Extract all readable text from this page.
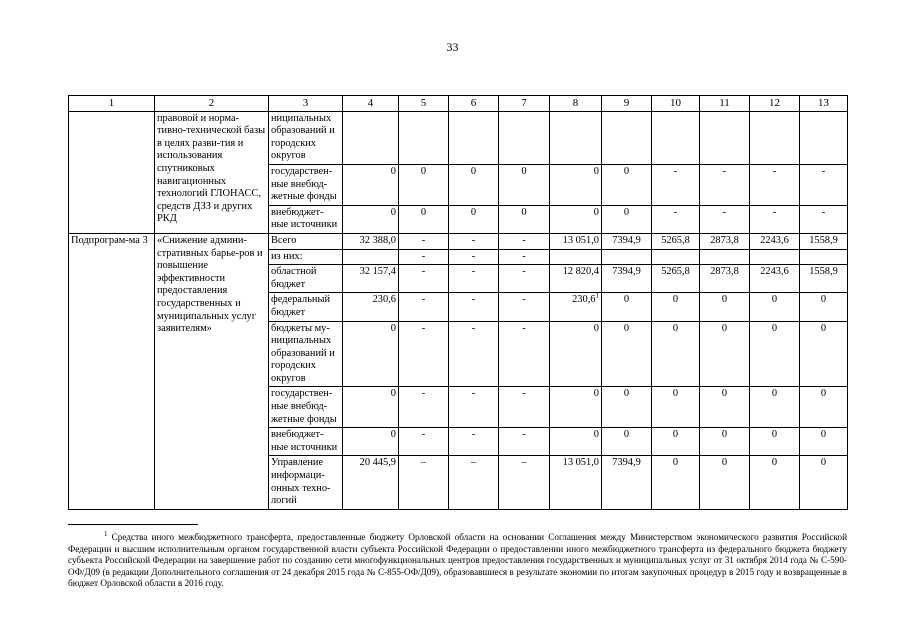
33
1	2	3	4	5	6	7	8	9	10	11	12	13
	правовой и норма-тивно-технической базы в целях разви-тия и использования спутниковых навигационных технологий ГЛОНАСС, средств ДЗЗ и других РКД	ниципальных образований и городских округов										
		государствен-ные внебюд-жетные фонды	0	0	0	0	0	0	-	-	-	-
		внебюджет-ные источники	0	0	0	0	0	0	-	-	-	-
Подпрограм-ма 3	«Снижение админи-стративных барье-ров и повышение эффективности предоставления государственных и муниципальных услуг заявителям»	Всего	32 388,0	-	-	-	13 051,0	7394,9	5265,8	2873,8	2243,6	1558,9
		из них:		-	-	-						
		областной бюджет	32 157,4	-	-	-	12 820,4	7394,9	5265,8	2873,8	2243,6	1558,9
		федеральный бюджет	230,6	-	-	-	230,6$^1$	0	0	0	0	0
		бюджеты му-ниципальных образований и городских округов	0	-	-	-	0	0	0	0	0	0
		государствен-ные внебюд-жетные фонды	0	-	-	-	0	0	0	0	0	0
		внебюджет-ные источники	0	-	-	-	0	0	0	0	0	0
		Управление информаци-онных техно-логий	20 445,9	–	–	–	13 051,0	7394,9	0	0	0	0
$^1$ Средства иного межбюджетного трансферта, предоставленные бюджету Орловской области на основании Соглашения между Министерством экономического развития Российской Федерации и высшим исполнительным органом государственной власти субъекта Российской Федерации о предоставлении иного межбюджетного трансферта из федерального бюджета бюджету субъекта Российской Федерации на завершение работ по созданию сети многофункциональных центров предоставления государственных и муниципальных услуг от 31 октября 2014 года № С-590-ОФ/Д09 (в редакции Дополнительного соглашения от 24 декабря 2015 года № С-855-ОФ/Д09), образовавшиеся в результате экономии по итогам закупочных процедур в 2015 году и возвращенные в бюджет Орловской области в 2016 году.
